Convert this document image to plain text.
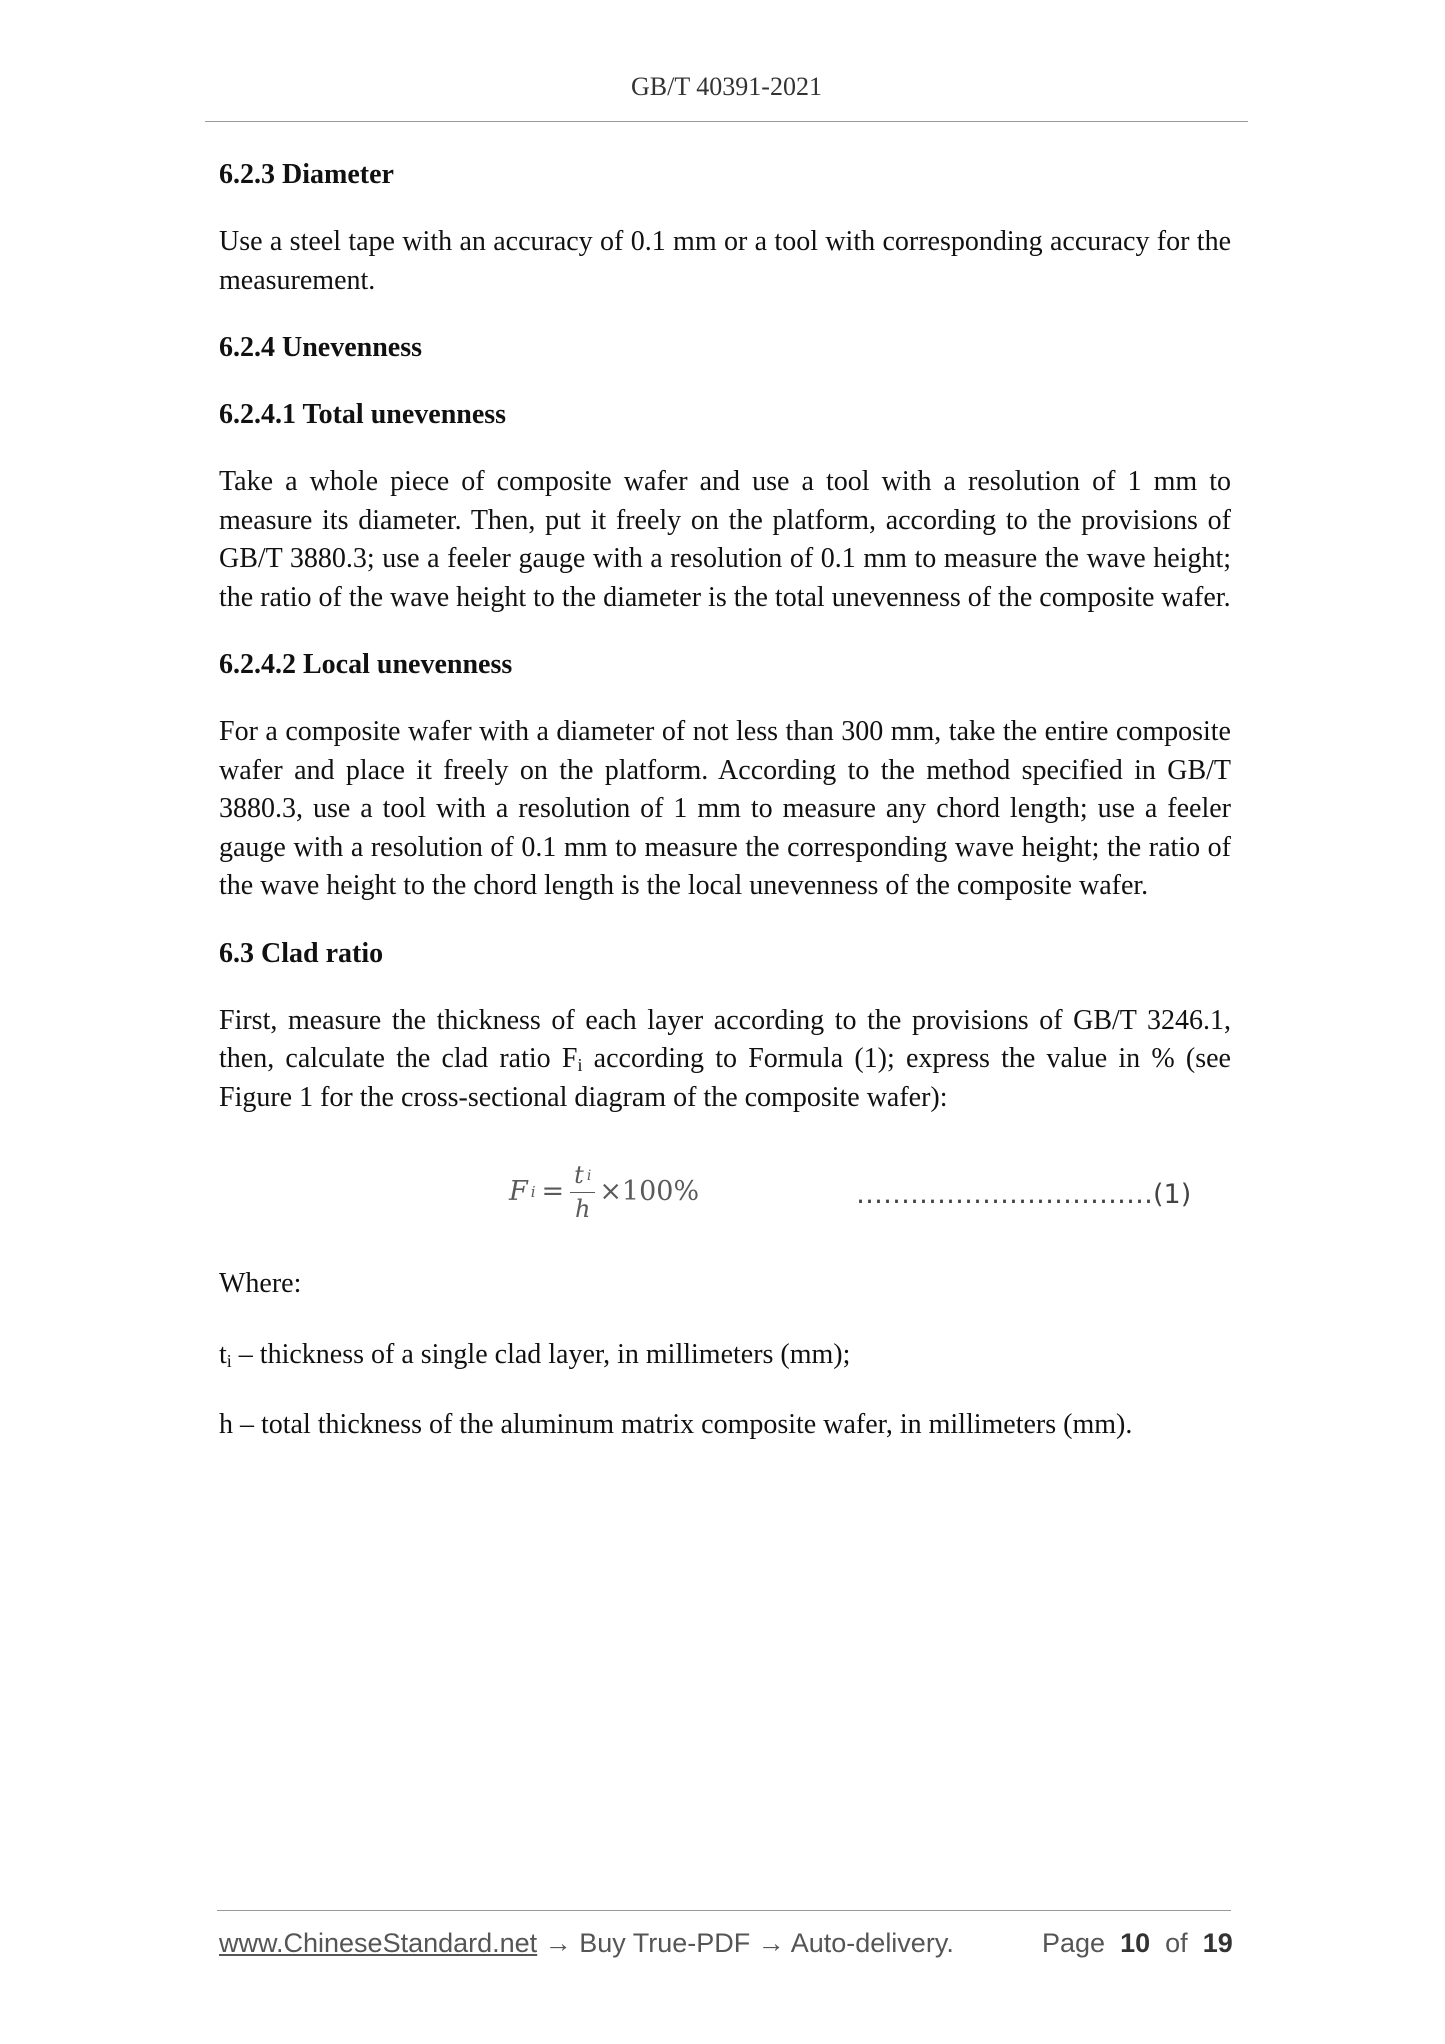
GB/T 40391-2021
6.2.3 Diameter
Use a steel tape with an accuracy of 0.1 mm or a tool with corresponding accuracy for the measurement.
6.2.4 Unevenness
6.2.4.1 Total unevenness
Take a whole piece of composite wafer and use a tool with a resolution of 1 mm to measure its diameter. Then, put it freely on the platform, according to the provisions of GB/T 3880.3; use a feeler gauge with a resolution of 0.1 mm to measure the wave height; the ratio of the wave height to the diameter is the total unevenness of the composite wafer.
6.2.4.2 Local unevenness
For a composite wafer with a diameter of not less than 300 mm, take the entire composite wafer and place it freely on the platform. According to the method specified in GB/T 3880.3, use a tool with a resolution of 1 mm to measure any chord length; use a feeler gauge with a resolution of 0.1 mm to measure the corresponding wave height; the ratio of the wave height to the chord length is the local unevenness of the composite wafer.
6.3 Clad ratio
First, measure the thickness of each layer according to the provisions of GB/T 3246.1, then, calculate the clad ratio $F_i$ according to Formula (1); express the value in % (see Figure 1 for the cross-sectional diagram of the composite wafer):
F $i = \frac{\text{t i}}{h} \times 100\%$	……………………………(1)
Where:
$t_i$ – thickness of a single clad layer, in millimeters (mm);
h – total thickness of the aluminum matrix composite wafer, in millimeters (mm).
www.ChineseStandard.net → Buy True-PDF → Auto-delivery.	Page 10 of 19
